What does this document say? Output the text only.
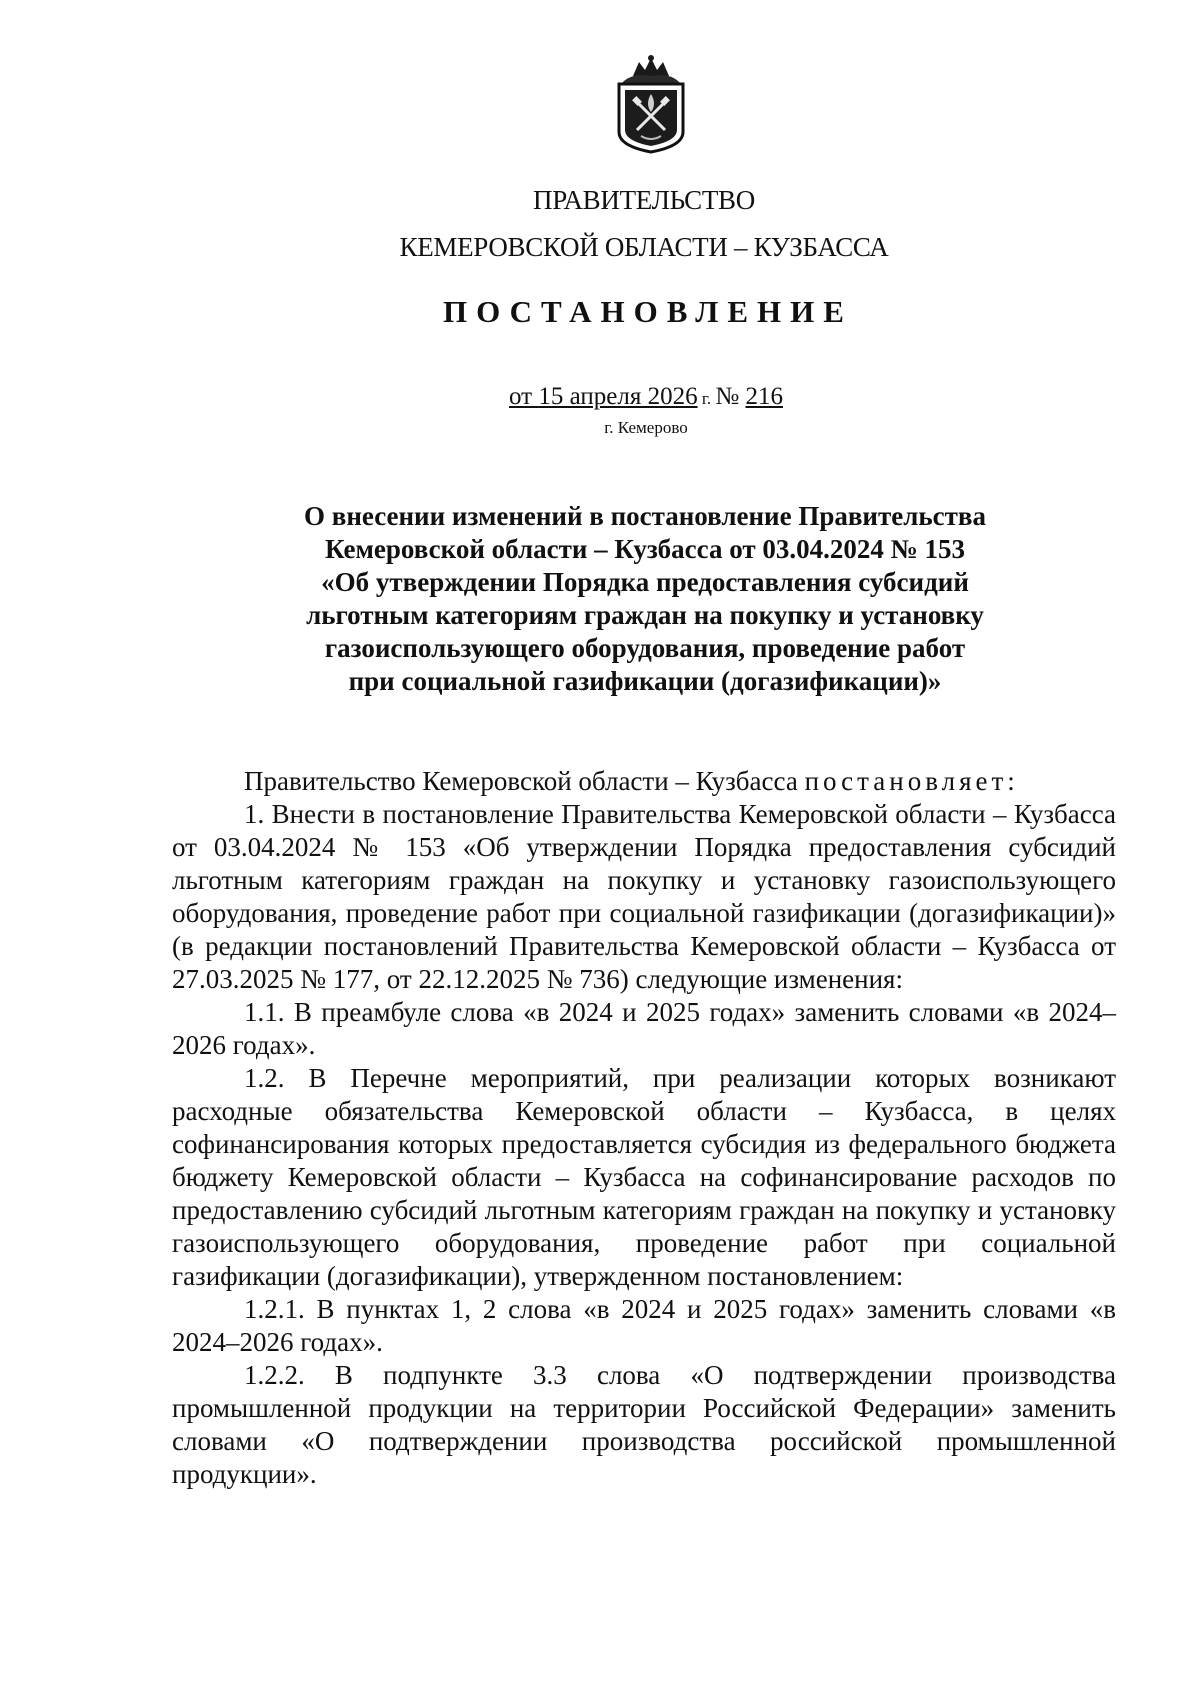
ПРАВИТЕЛЬСТВО
КЕМЕРОВСКОЙ ОБЛАСТИ – КУЗБАССА
ПОСТАНОВЛЕНИЕ
от 15 апреля 2026 г. № 216
г. Кемерово
О внесении изменений в постановление Правительства
Кемеровской области – Кузбасса от 03.04.2024 № 153
«Об утверждении Порядка предоставления субсидий
льготным категориям граждан на покупку и установку
газоиспользующего оборудования, проведение работ
при социальной газификации (догазификации)»

Правительство Кемеровской области – Кузбасса постановляет:

1. Внести в постановление Правительства Кемеровской области – Кузбасса от 03.04.2024 № 153 «Об утверждении Порядка предоставления субсидий льготным категориям граждан на покупку и установку газоиспользующего оборудования, проведение работ при социальной газификации (догазификации)» (в редакции постановлений Правительства Кемеровской области – Кузбасса от 27.03.2025 № 177, от 22.12.2025 № 736) следующие изменения:

1.1. В преамбуле слова «в 2024 и 2025 годах» заменить словами «в 2024–2026 годах».

1.2. В Перечне мероприятий, при реализации которых возникают расходные обязательства Кемеровской области – Кузбасса, в целях софинансирования которых предоставляется субсидия из федерального бюджета бюджету Кемеровской области – Кузбасса на софинансирование расходов по предоставлению субсидий льготным категориям граждан на покупку и установку газоиспользующего оборудования, проведение работ при социальной газификации (догазификации), утвержденном постановлением:

1.2.1. В пунктах 1, 2 слова «в 2024 и 2025 годах» заменить словами «в 2024–2026 годах».

1.2.2. В подпункте 3.3 слова «О подтверждении производства промышленной продукции на территории Российской Федерации» заменить словами «О подтверждении производства российской промышленной продукции».
